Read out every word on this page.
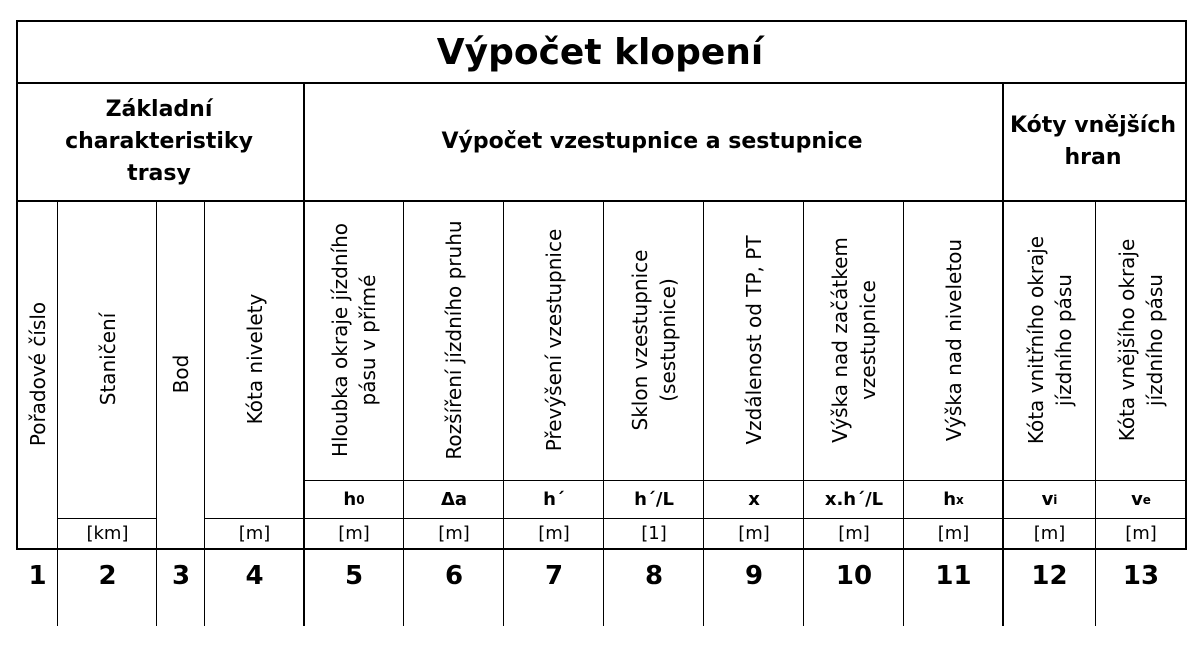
Výpočet klopení
Základní charakteristiky trasy
Výpočet vzestupnice a sestupnice
Kóty vnějších hran
Pořadové číslo
1
Staničení
[km]
2
Bod
3
Kóta nivelety
[m]
4
Hloubka okraje jízdního pásu v přímé
h 0
[m]
5
Rozšíření jízdního pruhu
Δa
[m]
6
Převýšení vzestupnice
h´
[m]
7
Sklon vzestupnice (sestupnice)
h´/L
[1]
8
Vzdálenost od TP, PT
x
[m]
9
Výška nad začátkem vzestupnice
x.h´/L
[m]
10
Výška nad niveletou
h x
[m]
11
Kóta vnitřního okraje jízdního pásu
v i
[m]
12
Kóta vnějšího okraje jízdního pásu
v e
[m]
13
